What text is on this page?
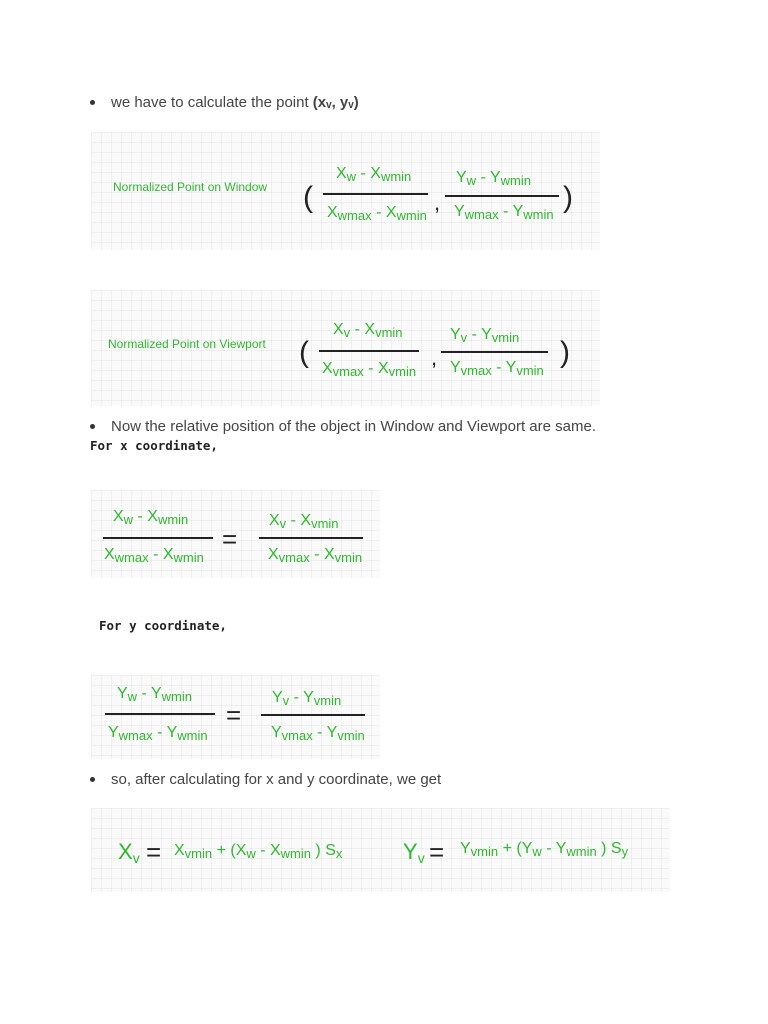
we have to calculate the point (xᵥ, yᵥ)
Normalized Point on Window (
$X_w - X_{wmin}$
$X_{wmax} - X_{wmin}$
,
$Y_w - Y_{wmin}$
$Y_{wmax} - Y_{wmin}$
)
Normalized Point on Viewport (
$X_v - X_{vmin}$
$X_{vmax} - X_{vmin}$
,
$Y_v - Y_{vmin}$
$Y_{vmax} - Y_{vmin}$
)
Now the relative position of the object in Window and Viewport are same.
For x coordinate,
$X_w - X_{wmin}$
$X_{wmax} - X_{wmin}$
=
$X_v - X_{vmin}$
$X_{vmax} - X_{vmin}$
For y coordinate,
$Y_w - Y_{wmin}$
$Y_{wmax} - Y_{wmin}$
=
$Y_v - Y_{vmin}$
$Y_{vmax} - Y_{vmin}$
so, after calculating for x and y coordinate, we get
$X_v = X_{vmin} + (X_w - X_{wmin}$ ) $S_x$	$Y_v = Y_{vmin} + (Y_w - Y_{wmin}$ ) $S_y$
